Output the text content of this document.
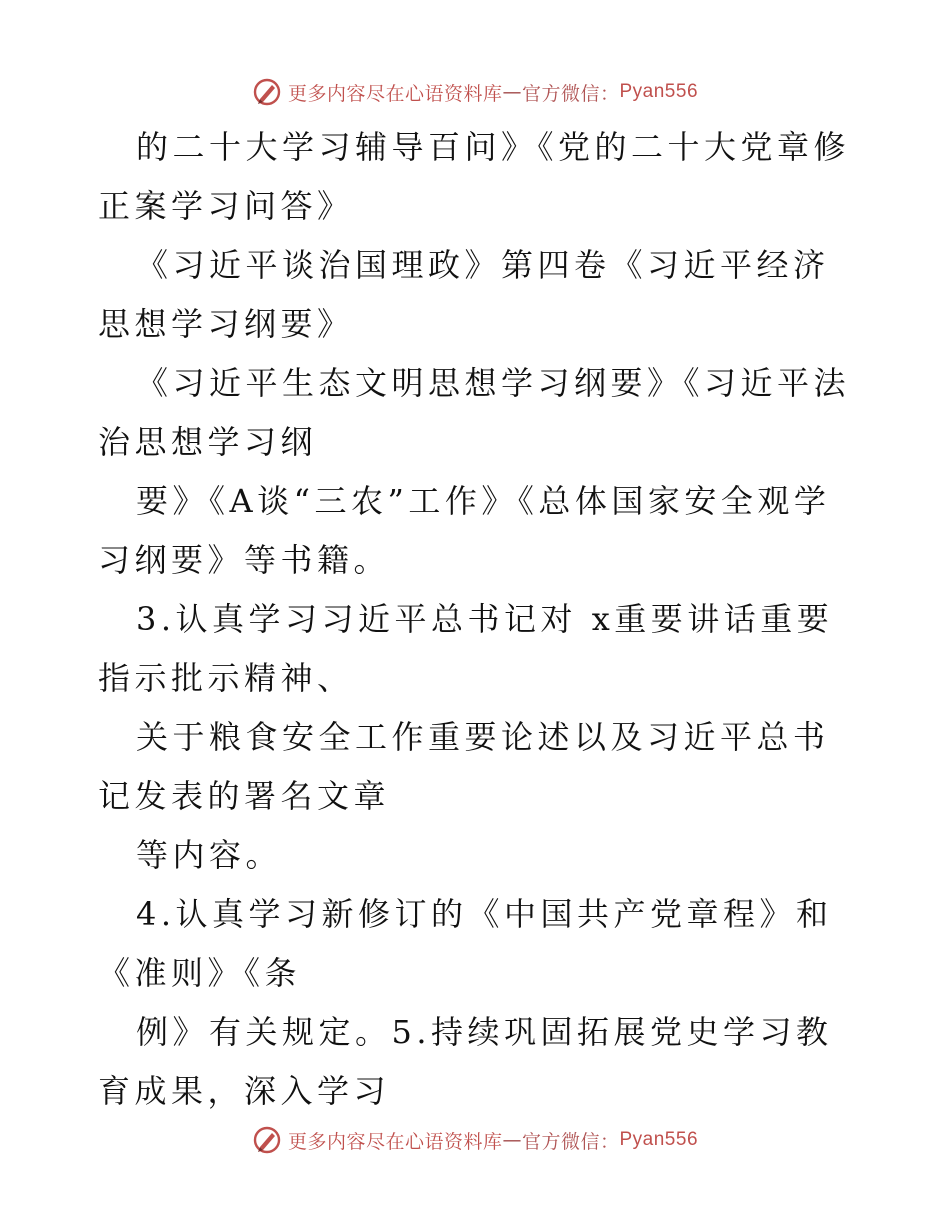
更多内容尽在心语资料库 — 官方微信： Pyan556

的二十大学习辅导百问》《党的二十大党章修正案学习问答》

《习近平谈治国理政》第四卷《习近平经济思想学习纲要》

《习近平生态文明思想学习纲要》《习近平法治思想学习纲

要》《A谈“三农”工作》《总体国家安全观学习纲要》等书籍。

3.认真学习习近平总书记对 x重要讲话重要指示批示精神、

关于粮食安全工作重要论述以及习近平总书记发表的署名文章

等内容。

4.认真学习新修订的《中国共产党章程》和《准则》《条

例》有关规定。5.持续巩固拓展党史学习教育成果，深入学习

更多内容尽在心语资料库 — 官方微信： Pyan556
